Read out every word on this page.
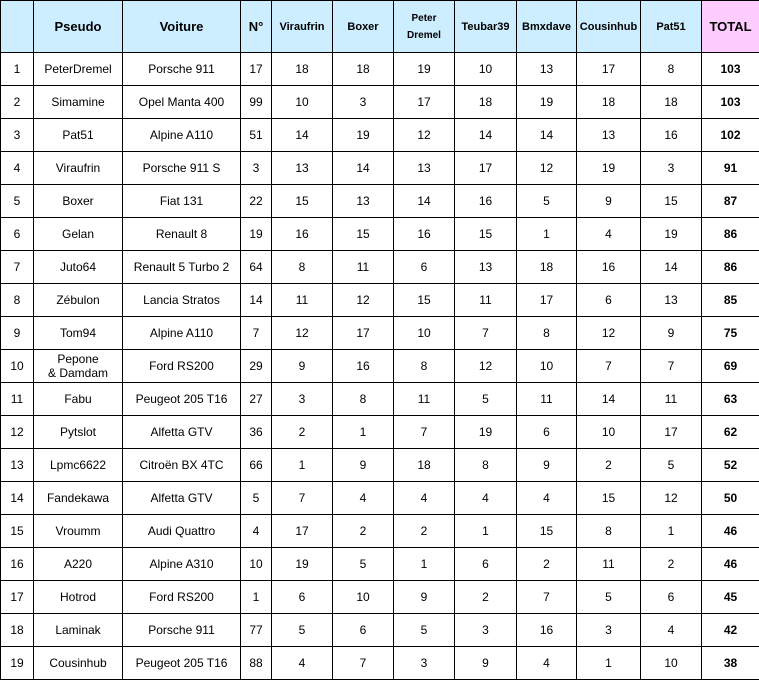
	Pseudo	Voiture	N°	Viraufrin	Boxer	Peter
Dremel	Teubar39	Bmxdave	Cousinhub	Pat51	TOTAL
1	PeterDremel	Porsche 911	17	18	18	19	10	13	17	8	103
2	Simamine	Opel Manta 400	99	10	3	17	18	19	18	18	103
3	Pat51	Alpine A110	51	14	19	12	14	14	13	16	102
4	Viraufrin	Porsche 911 S	3	13	14	13	17	12	19	3	91
5	Boxer	Fiat 131	22	15	13	14	16	5	9	15	87
6	Gelan	Renault 8	19	16	15	16	15	1	4	19	86
7	Juto64	Renault 5 Turbo 2	64	8	11	6	13	18	16	14	86
8	Zébulon	Lancia Stratos	14	11	12	15	11	17	6	13	85
9	Tom94	Alpine A110	7	12	17	10	7	8	12	9	75
10	Pepone
& Damdam	Ford RS200	29	9	16	8	12	10	7	7	69
11	Fabu	Peugeot 205 T16	27	3	8	11	5	11	14	11	63
12	Pytslot	Alfetta GTV	36	2	1	7	19	6	10	17	62
13	Lpmc6622	Citroën BX 4TC	66	1	9	18	8	9	2	5	52
14	Fandekawa	Alfetta GTV	5	7	4	4	4	4	15	12	50
15	Vroumm	Audi Quattro	4	17	2	2	1	15	8	1	46
16	A220	Alpine A310	10	19	5	1	6	2	11	2	46
17	Hotrod	Ford RS200	1	6	10	9	2	7	5	6	45
18	Laminak	Porsche 911	77	5	6	5	3	16	3	4	42
19	Cousinhub	Peugeot 205 T16	88	4	7	3	9	4	1	10	38
